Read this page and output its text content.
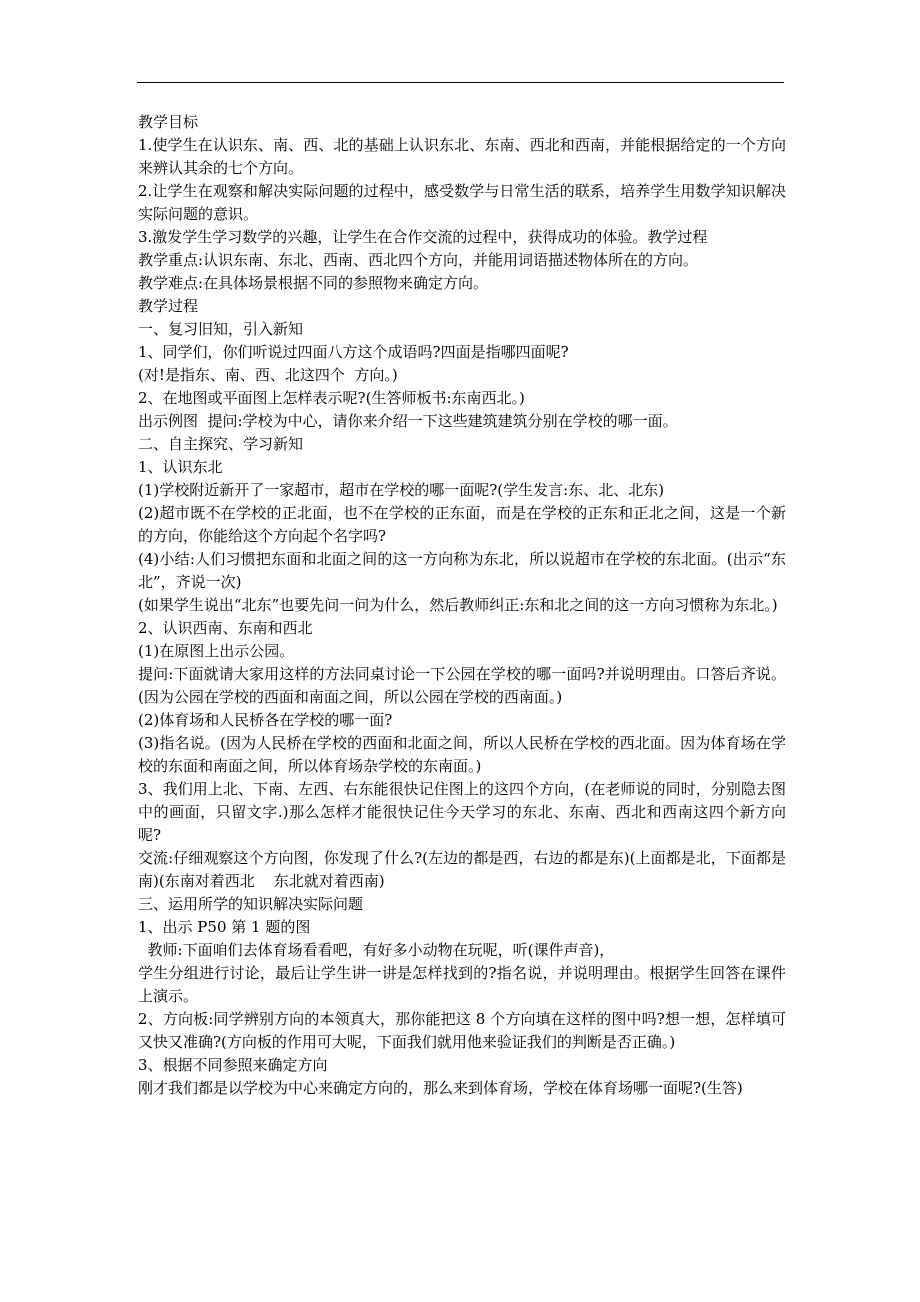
教学目标

1.使学生在认识东、南、西、北的基础上认识东北、东南、西北和西南，并能根据给定的一个方向来辨认其余的七个方向。

2.让学生在观察和解决实际问题的过程中，感受数学与日常生活的联系，培养学生用数学知识解决实际问题的意识。

3.激发学生学习数学的兴趣，让学生在合作交流的过程中，获得成功的体验。教学过程

教学重点:认识东南、东北、西南、西北四个方向，并能用词语描述物体所在的方向。

教学难点:在具体场景根据不同的参照物来确定方向。

教学过程

一、复习旧知，引入新知

1、同学们，你们听说过四面八方这个成语吗?四面是指哪四面呢?

(对!是指东、南、西、北这四个  方向。)

2、在地图或平面图上怎样表示呢?(生答师板书:东南西北。)

出示例图  提问:学校为中心，请你来介绍一下这些建筑建筑分别在学校的哪一面。

二、自主探究、学习新知

1、认识东北

(1)学校附近新开了一家超市，超市在学校的哪一面呢?(学生发言:东、北、北东)

(2)超市既不在学校的正北面，也不在学校的正东面，而是在学校的正东和正北之间，这是一个新的方向，你能给这个方向起个名字吗?

(4)小结:人们习惯把东面和北面之间的这一方向称为东北，所以说超市在学校的东北面。(出示“东北”，齐说一次)

(如果学生说出“北东”也要先问一问为什么，然后教师纠正:东和北之间的这一方向习惯称为东北。)

2、认识西南、东南和西北

(1)在原图上出示公园。

提问:下面就请大家用这样的方法同桌讨论一下公园在学校的哪一面吗?并说明理由。口答后齐说。(因为公园在学校的西面和南面之间，所以公园在学校的西南面。)

(2)体育场和人民桥各在学校的哪一面?

(3)指名说。(因为人民桥在学校的西面和北面之间，所以人民桥在学校的西北面。因为体育场在学校的东面和南面之间，所以体育场杂学校的东南面。)

3、我们用上北、下南、左西、右东能很快记住图上的这四个方向，(在老师说的同时，分别隐去图中的画面，只留文字.)那么怎样才能很快记住今天学习的东北、东南、西北和西南这四个新方向呢?

交流:仔细观察这个方向图，你发现了什么?(左边的都是西，右边的都是东)(上面都是北，下面都是南)(东南对着西北    东北就对着西南)

三、运用所学的知识解决实际问题

1、出示 P50 第 1 题的图

教师:下面咱们去体育场看看吧，有好多小动物在玩呢，听(课件声音)，

学生分组进行讨论，最后让学生讲一讲是怎样找到的?指名说，并说明理由。根据学生回答在课件上演示。

2、方向板:同学辨别方向的本领真大，那你能把这 8 个方向填在这样的图中吗?想一想，怎样填可又快又准确?(方向板的作用可大呢，下面我们就用他来验证我们的判断是否正确。)

3、根据不同参照来确定方向

刚才我们都是以学校为中心来确定方向的，那么来到体育场，学校在体育场哪一面呢?(生答)
